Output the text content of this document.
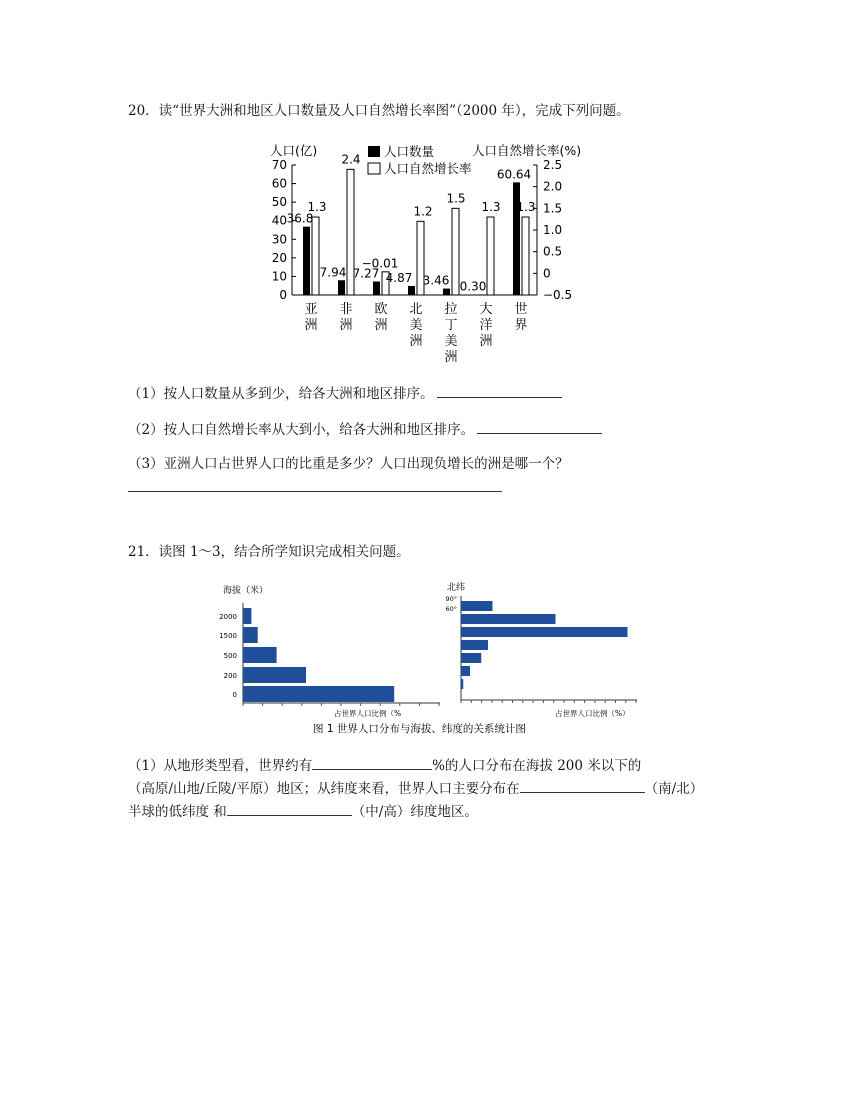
20．读“世界大洲和地区人口数量及人口自然增长率图”（2000 年），完成下列问题。
0
10
20
30
40
50
60
70
−0.5
0
0.5
1.0
1.5
2.0
2.5
人口(亿)	人口自然增长率(%)
人口数量
人口自然增长率
36.8
1.3
亚
洲
7.94
2.4
非
洲
7.27
−0.01
欧
洲
4.87
1.2
北
美
洲
3.46
1.5
拉
丁
美
洲
0.30
1.3
大
洋
洲
60.64
1.3
世
界
（1）按人口数量从多到少，给各大洲和地区排序。
（2）按人口自然增长率从大到小，给各大洲和地区排序。
（3）亚洲人口占世界人口的比重是多少？人口出现负增长的洲是哪一个？
21．读图 1～3，结合所学知识完成相关问题。
海拔（米）
2000
1500
500
200
0
占世界人口比例（%
北纬
90°
60°
占世界人口比例（%）
图 1 世界人口分布与海拔、纬度的关系统计图
（1）从地形类型看，世界约有	%的人口分布在海拔 200 米以下的
（高原/山地/丘陵/平原）地区；从纬度来看，世界人口主要分布在	（南/北）
半球的低纬度 和	（中/高）纬度地区。
